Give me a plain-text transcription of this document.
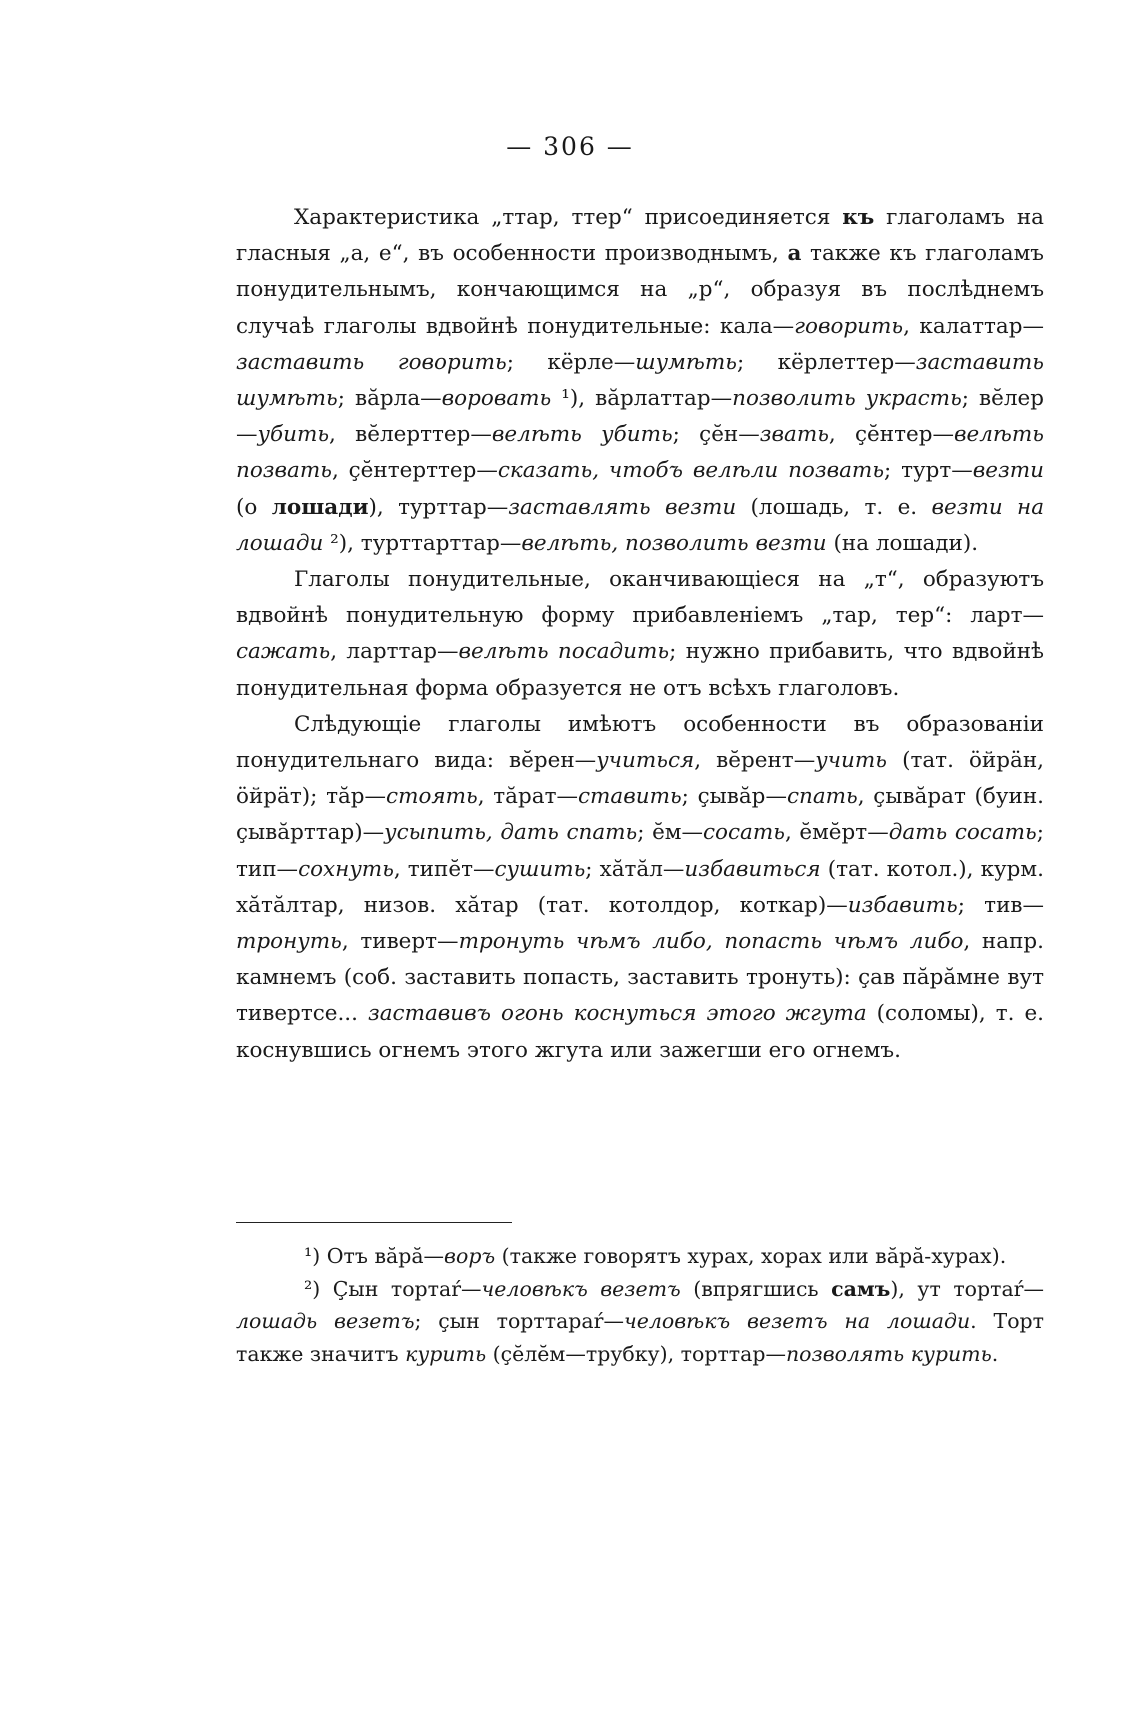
— 306 —

Характеристика „ттар, ттер“ присоединяется къ глаголамъ на гласныя „а, е“, въ особенности производнымъ, а также къ глаголамъ понудительнымъ, кончающимся на „р“, образуя въ послѣднемъ случаѣ глаголы вдвойнѣ понудительные: кала—говорить, калаттар—заставить говорить; кёрле—шумѣть; кёрлеттер—заставить шумѣть; вăрла—воровать ¹), вăрлаттар—позволить украсть; вĕлер—убить, вĕлерттер—велѣть убить; ҫĕн—звать, ҫĕнтер—велѣть позвать, ҫĕнтерттер—сказать, чтобъ велѣли позвать; турт—везти (о лошади), турттар—заставлять везти (лошадь, т. е. везти на лошади ²), турттарттар—велѣть, позволить везти (на лошади).

Глаголы понудительные, оканчивающіеся на „т“, образуютъ вдвойнѣ понудительную форму прибавленіемъ „тар, тер“: ларт—сажать, ларттар—велѣть посадить; нужно прибавить, что вдвойнѣ понудительная форма образуется не отъ всѣхъ глаголовъ.

Слѣдующіе глаголы имѣютъ особенности въ образованіи понудительнаго вида: вĕрен—учиться, вĕрент—учить (тат. öйрäн, öйрäт); тăр—стоять, тăрат—ставить; ҫывăр—спать, ҫывăрат (буин. ҫывăрттар)—усыпить, дать спать; ĕм—сосать, ĕмĕрт—дать сосать; тип—сохнуть, типĕт—сушить; хăтăл—избавиться (тат. котол.), курм. хăтăлтар, низов. хăтар (тат. котолдор, коткар)—избавить; тив—тронуть, тиверт—тронуть чѣмъ либо, попасть чѣмъ либо, напр. камнемъ (соб. заставить попасть, заставить тронуть): ҫав пăрăмне вут тивертсе... заставивъ огонь коснуться этого жгута (соломы), т. е. коснувшись огнемъ этого жгута или зажегши его огнемъ.

¹) Отъ вăрă—воръ (также говорятъ хурах, хорах или вăрă-хурах).

²) Ҫын тортаŕ—человѣкъ везетъ (впрягшись самъ), ут тортаŕ—лошадь везетъ; ҫын торттараŕ—человѣкъ везетъ на лошади. Торт также значитъ курить (ҫĕлĕм—трубку), торттар—позволять курить.
